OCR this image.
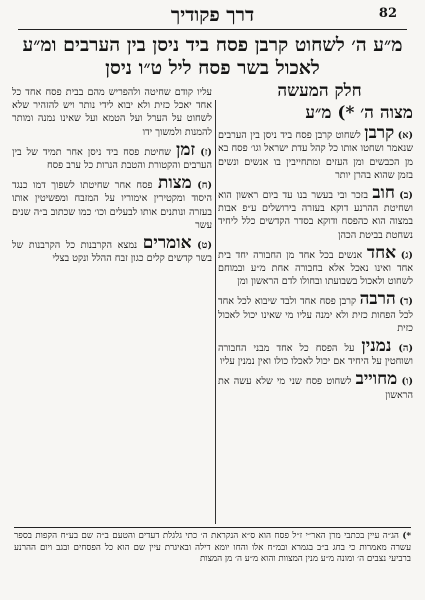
82
דרך פקודיך
מ״ע ה׳ לשחוט קרבן פסח ביד ניסן בין הערבים ומ״ע
לאכול בשר פסח ליל ט״ו ניסן
חלק המעשה
מצוה ה׳ *) מ״ע
(א) קרבן לשחוט קרבן פסח ביד ניסן בין הערבים שנאמר ושחטו אותו כל קהל עדת ישראל וגו׳ פסח בא מן הכבשים ומן העזים ומתחייבין בו אנשים ונשים בזמן שהוא בהרן יותר
(ב) חוב בזכר ובי בעשר בנו עד ביום ראשון הוא ושחיטת ההרנע דוקא בעזרה בירושלים ע״פ אבות במצוה הוא כהפסח ודוקא בסדר הקדשים כלל ליחיד נשחטת בביטת הכהן
(ג) אחד אנשים בכל אחד מן החבורה יחד בית אחד ואינו נאכל אלא בחבורה אחת מ״ע ובמוחם לשחוט ולאכול בשבועתו ובחולו לדם הראשון ומן
(ד) הרבה קרבן פסח אחד ולבד שיבוא לכל אחד לכל הפחות כזית ולא ימנה עליו מי שאינו יכול לאכול כזית
(ה) נמנין על הפסח כל אחד מבני החבורה ושוחטין על היחיד אם יכול לאכלו כולו ואין נמנין עליו
(ו) מחוייב לשחוט פסח שני מי שלא עשה את הראשון
עליו קודם שחיטה ולהפריש מהם בבית פסח אחד כל אחד יאכל כזית ולא יבוא לידי נותר ויש להזהיר שלא לשחוט על הערל ועל הטמא ועל שאינו נמנה ומותר להמנות ולמשוך ידו
(ז) זמן שחיטת פסח ביד ניסן אחר תמיד של בין הערבים והקטורת והטבת הנרות כל ערב פסח
(ח) מצות פסח אחר שחיטתו לשפוך דמו כנגד היסוד ומקטירין אימוריו על המזבח ומפשיטין אותו בעזרה ונותנים אותו לבעלים וכו׳ כמו שכתוב ב״ה שנים עשר
(ט) אומרים נמצא הקרבנות כל הקרבנות של בשר קדשים קלים כגון זבח ההלל ונקט בצלי
*) הג״ה עיין בכתבי מרן האר״י ז״ל פסח הוא ס״א הנקראת ה׳ כתי גלגלת דעדים והטעם ב״ה שם בע״ח הקפות בספר עשרה מאמרות כי בחג ב״ב בגמרא ובמ״ח אלו והחו יומא דילה ובאיגרת עיין שם הוא כל הפסחים ובגב ויום ההרנע ברביעי נצבים ה׳ ומונה מ״ע מנין המצוות והוא מ״ע ה׳ מן המצות
